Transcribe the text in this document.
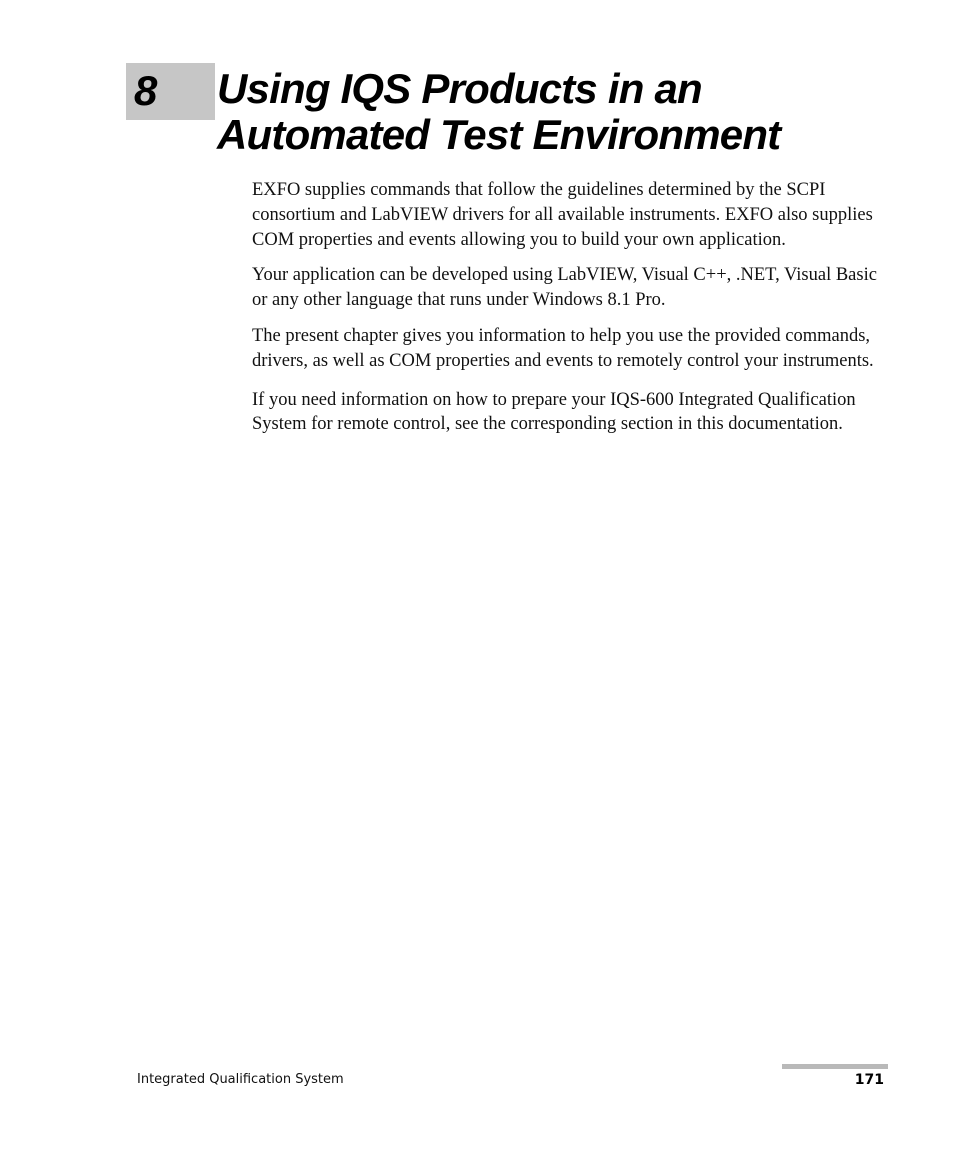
8 Using IQS Products in an
Automated Test Environment

EXFO supplies commands that follow the guidelines determined by the SCPI consortium and LabVIEW drivers for all available instruments. EXFO also supplies COM properties and events allowing you to build your own application.

Your application can be developed using LabVIEW, Visual C++, .NET, Visual Basic or any other language that runs under Windows 8.1 Pro.

The present chapter gives you information to help you use the provided commands, drivers, as well as COM properties and events to remotely control your instruments.

If you need information on how to prepare your IQS-600 Integrated Qualification System for remote control, see the corresponding section in this documentation.

Integrated Qualification System	171
